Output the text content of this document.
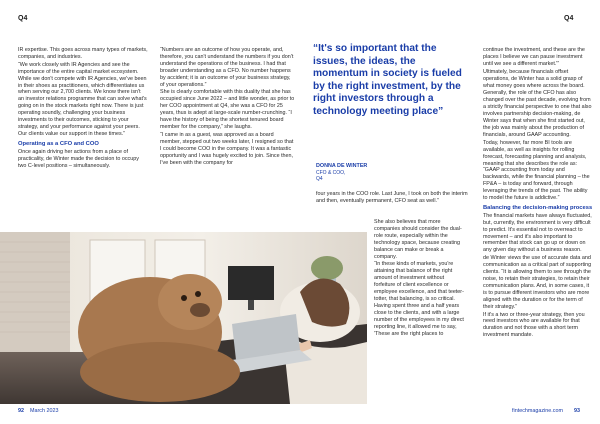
Q4	Q4

IR expertise. This goes across many types of markets, companies, and industries.

“We work closely with IR Agencies and see the importance of the entire capital market ecosystem. While we don't compete with IR Agencies, we've been in their shoes as practitioners, which differentiates us when serving our 2,700 clients. We know there isn't an investor relations programme that can solve what's going on in the stock markets right now. There is just operating soundly, challenging your business investments to their outcomes, sticking to your strategy, and your performance against your peers. Our clients value our support in these times.”

Operating as a CFO and COO

Once again driving her actions from a place of practicality, de Winter made the decision to occupy two C-level positions – simultaneously.

“Numbers are an outcome of how you operate, and, therefore, you can't understand the numbers if you don't understand the operations of the business. I had that broader understanding as a CFO. No number happens by accident; it is an outcome of your business strategy, of your operations.”

She is clearly comfortable with this duality that she has occupied since June 2022 – and little wonder, as prior to her COO appointment at Q4, she was a CFO for 25 years, thus is adept at large-scale number-crunching. “I have the history of being the shortest tenured board member for the company,” she laughs.

“I came in as a guest, was approved as a board member, stepped out two weeks later, I resigned so that I could become COO in the company. It was a fantastic opportunity and I was hugely excited to join. Since then, I've been with the company for

“It's so important that the issues, the ideas, the momentum in society is fueled by the right investment, by the right investors through a technology meeting place”
DONNA DE WINTER
CFO & COO,
Q4

four years in the COO role. Last June, I took on both the interim and then, eventually permanent, CFO seat as well.”

She also believes that more companies should consider the dual-role route, especially within the technology space, because creating balance can make or break a company.

“In these kinds of markets, you're attaining that balance of the right amount of investment without forfeiture of client excellence or employee excellence, and that teeter-totter, that balancing, is so critical. Having spent three and a half years close to the clients, and with a large number of the employees in my direct reporting line, it allowed me to say, 'These are the right places to

continue the investment, and these are the places I believe we can pause investment until we see a different market.'”

Ultimately, because financials offset operations, de Winter has a solid grasp of what money goes where across the board.

Generally, the role of the CFO has also changed over the past decade, evolving from a strictly financial perspective to one that also involves partnership decision-making, de Winter says that when she first started out, the job was mainly about the production of financials, around GAAP accounting.

Today, however, far more BI tools are available, as well as insights for rolling forecast, forecasting planning and analysis, meaning that she describes the role as: “GAAP accounting from today and backwards, while the financial planning – the FP&A – is today and forward, through leveraging the trends of the past. The ability to model the future is addictive.”

Balancing the decision-making process

The financial markets have always fluctuated, but, currently, the environment is very difficult to predict. It's essential not to overreact to movement – and it's also important to remember that stock can go up or down on any given day without a business reason.

de Winter views the use of accurate data and communication as a critical part of supporting clients. “It is allowing them to see through the noise, to retain their strategies, to retain their communication plans. And, in some cases, it is to pursue different investors who are more aligned with the duration or for the term of their strategy.”

If it's a two or three-year strategy, then you need investors who are available for that duration and not those with a short term investment mandate.

92 March 2023	fintechmagazine.com 93
